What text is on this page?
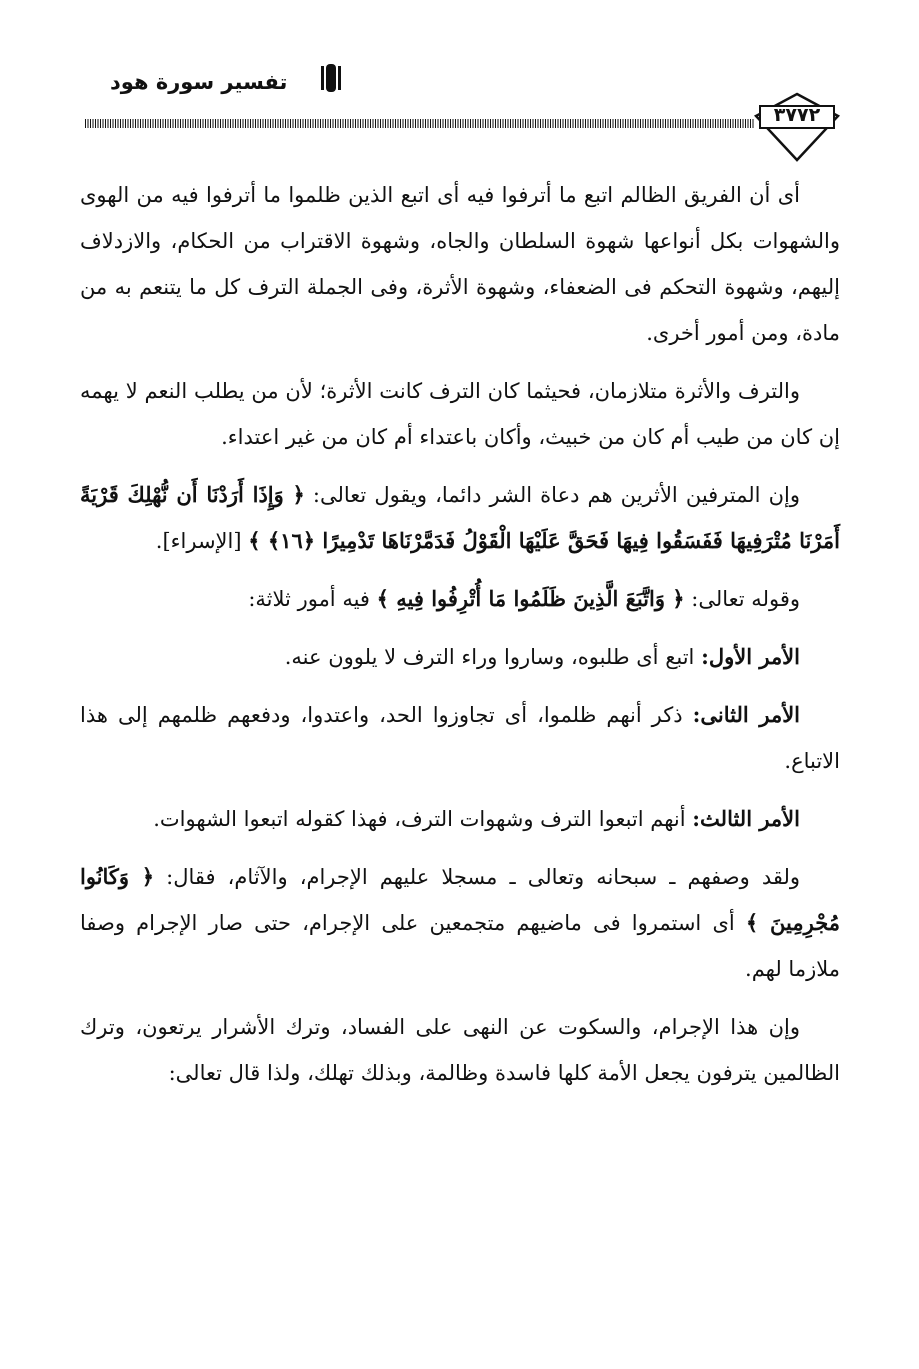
تفسير سورة هود
٣٧٧٢

أى أن الفريق الظالم اتبع ما أترفوا فيه أى اتبع الذين ظلموا ما أترفوا فيه من الهوى والشهوات بكل أنواعها شهوة السلطان والجاه، وشهوة الاقتراب من الحكام، والازدلاف إليهم، وشهوة التحكم فى الضعفاء، وشهوة الأثرة، وفى الجملة الترف كل ما يتنعم به من مادة، ومن أمور أخرى.

والترف والأثرة متلازمان، فحيثما كان الترف كانت الأثرة؛ لأن من يطلب النعم لا يهمه إن كان من طيب أم كان من خبيث، وأكان باعتداء أم كان من غير اعتداء.

وإن المترفين الأثرين هم دعاة الشر دائما، ويقول تعالى: ﴿ وَإِذَا أَرَدْنَا أَن نُّهْلِكَ قَرْيَةً أَمَرْنَا مُتْرَفِيهَا فَفَسَقُوا فِيهَا فَحَقَّ عَلَيْهَا الْقَوْلُ فَدَمَّرْنَاهَا تَدْمِيرًا ﴿١٦﴾ ﴾ [الإسراء].

وقوله تعالى: ﴿ وَاتَّبَعَ الَّذِينَ ظَلَمُوا مَا أُتْرِفُوا فِيهِ ﴾ فيه أمور ثلاثة:

الأمر الأول: اتبع أى طلبوه، وساروا وراء الترف لا يلوون عنه.

الأمر الثانى: ذكر أنهم ظلموا، أى تجاوزوا الحد، واعتدوا، ودفعهم ظلمهم إلى هذا الاتباع.

الأمر الثالث: أنهم اتبعوا الترف وشهوات الترف، فهذا كقوله اتبعوا الشهوات.

ولقد وصفهم ـ سبحانه وتعالى ـ مسجلا عليهم الإجرام، والآثام، فقال: ﴿ وَكَانُوا مُجْرِمِينَ ﴾ أى استمروا فى ماضيهم متجمعين على الإجرام، حتى صار الإجرام وصفا ملازما لهم.

وإن هذا الإجرام، والسكوت عن النهى على الفساد، وترك الأشرار يرتعون، وترك الظالمين يترفون يجعل الأمة كلها فاسدة وظالمة، وبذلك تهلك، ولذا قال تعالى:
